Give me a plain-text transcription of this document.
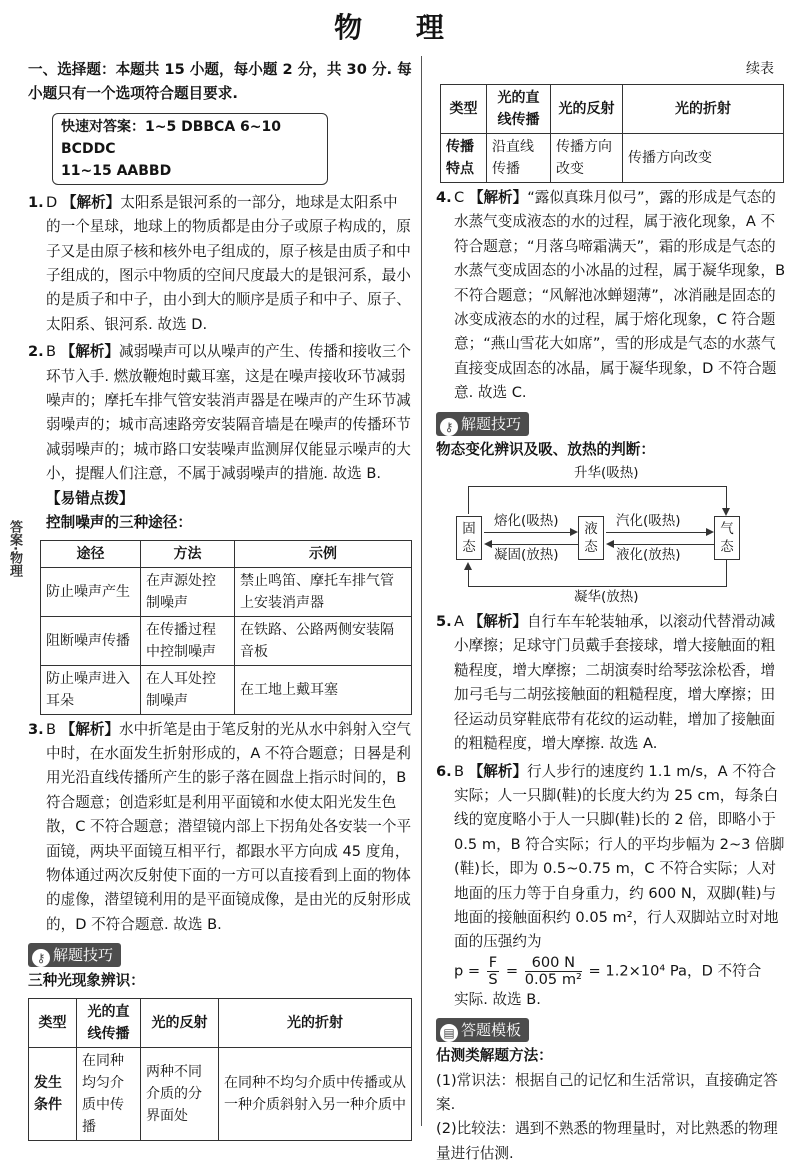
物 理
答案·物理

一、选择题：本题共 15 小题，每小题 2 分，共 30 分. 每小题只有一个选项符合题目要求.

快速对答案：1~5 DBBCA 6~10 BCDDC
11~15 AABBD

1. D 【解析】太阳系是银河系的一部分，地球是太阳系中的一个星球，地球上的物质都是由分子或原子构成的，原子又是由原子核和核外电子组成的，原子核是由质子和中子组成的，图示中物质的空间尺度最大的是银河系，最小的是质子和中子，由小到大的顺序是质子和中子、原子、太阳系、银河系. 故选 D.

2. B 【解析】减弱噪声可以从噪声的产生、传播和接收三个环节入手. 燃放鞭炮时戴耳塞，这是在噪声接收环节减弱噪声的；摩托车排气管安装消声器是在噪声的产生环节减弱噪声的；城市高速路旁安装隔音墙是在噪声的传播环节减弱噪声的；城市路口安装噪声监测屏仅能显示噪声的大小，提醒人们注意，不属于减弱噪声的措施. 故选 B.

【易错点拨】

控制噪声的三种途径：

途径	方法	示例
防止噪声产生	在声源处控制噪声	禁止鸣笛、摩托车排气管上安装消声器
阻断噪声传播	在传播过程中控制噪声	在铁路、公路两侧安装隔音板
防止噪声进入耳朵	在人耳处控制噪声	在工地上戴耳塞

3. B 【解析】水中折笔是由于笔反射的光从水中斜射入空气中时，在水面发生折射形成的，A 不符合题意；日晷是利用光沿直线传播所产生的影子落在圆盘上指示时间的，B 符合题意；创造彩虹是利用平面镜和水使太阳光发生色散，C 不符合题意；潜望镜内部上下拐角处各安装一个平面镜，两块平面镜互相平行，都跟水平方向成 45 度角，物体通过两次反射使下面的一方可以直接看到上面的物体的虚像，潜望镜利用的是平面镜成像，是由光的反射形成的，D 不符合题意. 故选 B.

⚷ 解题技巧

三种光现象辨识：

类型	光的直线传播	光的反射	光的折射
发生条件	在同种均匀介质中传播	两种不同介质的分界面处	在同种不均匀介质中传播或从一种介质斜射入另一种介质中
续表
类型	光的直线传播	光的反射	光的折射
传播特点	沿直线传播	传播方向改变	传播方向改变

4. C 【解析】“露似真珠月似弓”，露的形成是气态的水蒸气变成液态的水的过程，属于液化现象，A 不符合题意；“月落乌啼霜满天”，霜的形成是气态的水蒸气变成固态的小冰晶的过程，属于凝华现象，B 不符合题意；“风解池冰蝉翅薄”，冰消融是固态的冰变成液态的水的过程，属于熔化现象，C 符合题意；“燕山雪花大如席”，雪的形成是气态的水蒸气直接变成固态的冰晶，属于凝华现象，D 不符合题意. 故选 C.

⚷ 解题技巧

物态变化辨识及吸、放热的判断：

升华(吸热)
固态
液态
气态
熔化(吸热)
凝固(放热)
汽化(吸热)
液化(放热)
凝华(放热)

5. A 【解析】自行车车轮装轴承，以滚动代替滑动减小摩擦；足球守门员戴手套接球，增大接触面的粗糙程度，增大摩擦；二胡演奏时给琴弦涂松香，增加弓毛与二胡弦接触面的粗糙程度，增大摩擦；田径运动员穿鞋底带有花纹的运动鞋，增加了接触面的粗糙程度，增大摩擦. 故选 A.

6. B 【解析】行人步行的速度约 1.1 m/s，A 不符合实际；人一只脚(鞋)的长度大约为 25 cm，每条白线的宽度略小于人一只脚(鞋)长的 2 倍，即略小于 0.5 m，B 符合实际；行人的平均步幅为 2~3 倍脚(鞋)长，即为 0.5~0.75 m，C 不符合实际；人对地面的压力等于自身重力，约 600 N，双脚(鞋)与地面的接触面积约 0.05 m²，行人双脚站立时对地面的压强约为

$p = \frac{F}{S} = \frac{600 N}{\text{0.05 m²}} = 1.2\times 10^4$ Pa，D 不符合

实际. 故选 B.

▤ 答题模板

估测类解题方法：

(1)常识法：根据自己的记忆和生活常识，直接确定答案.

(2)比较法：遇到不熟悉的物理量时，对比熟悉的物理量进行估测.
